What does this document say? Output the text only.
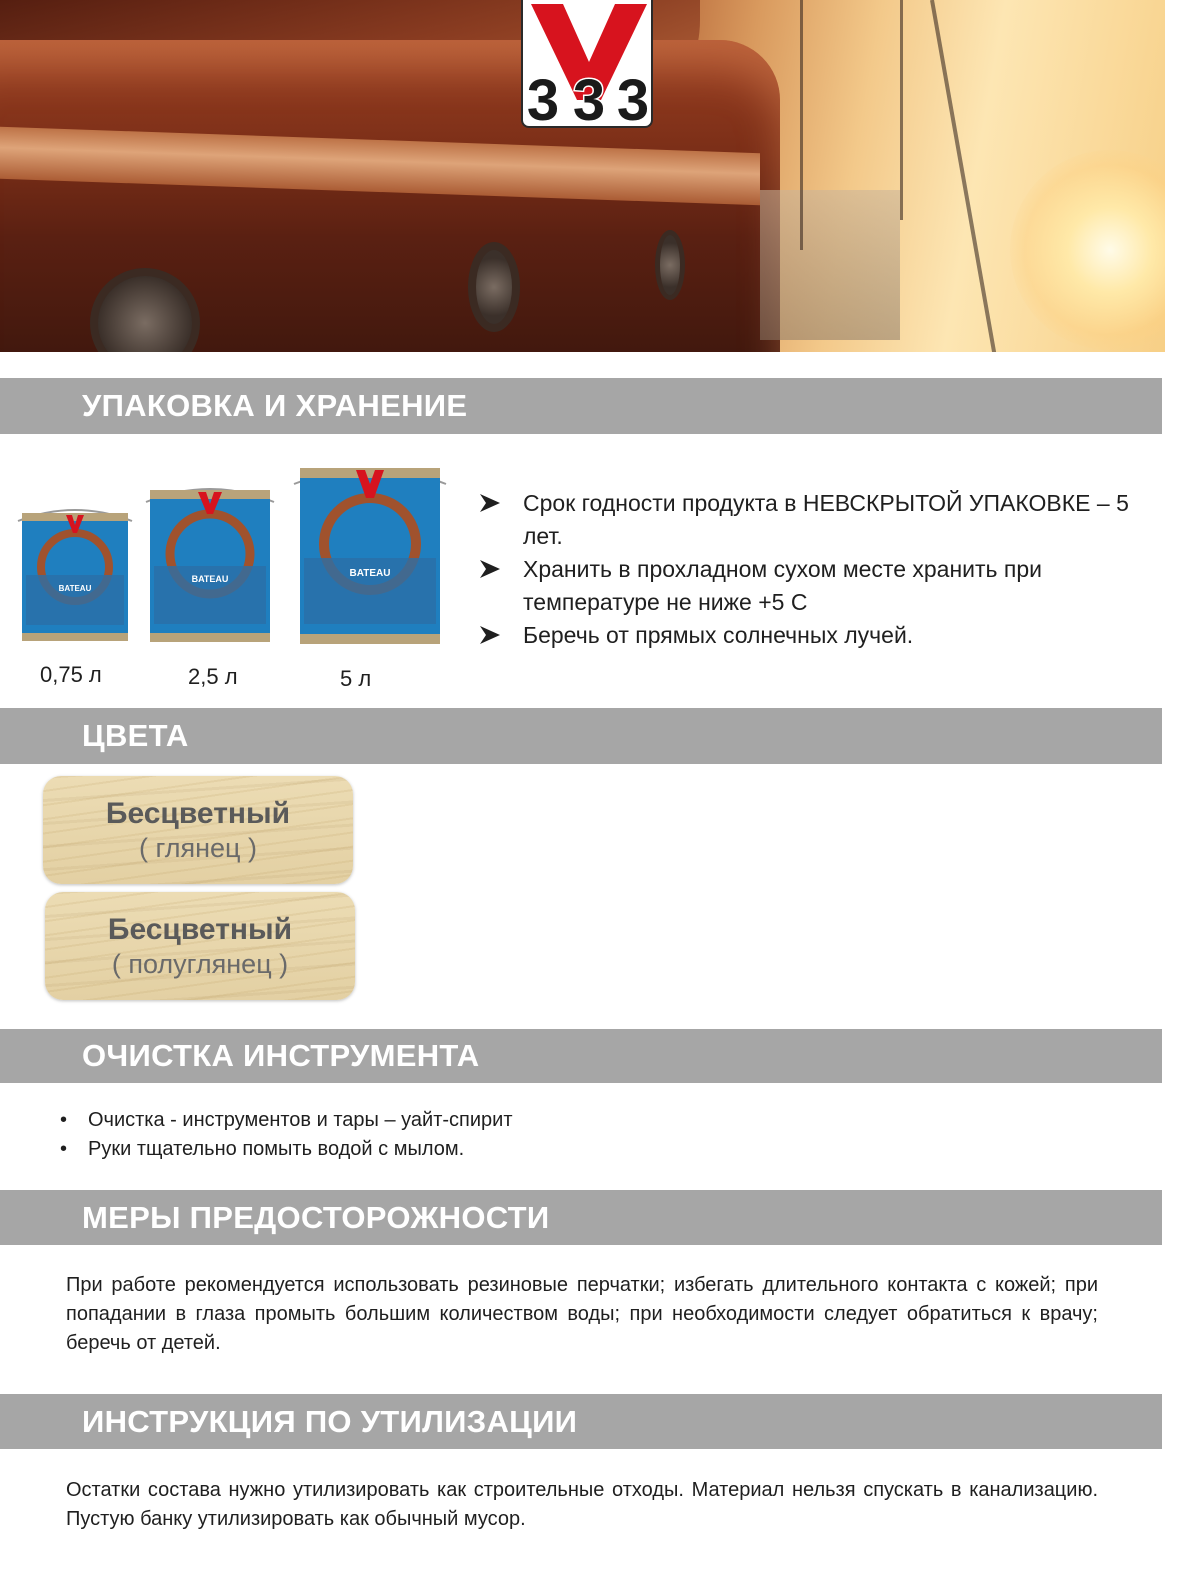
3
3 3
УПАКОВКА И ХРАНЕНИЕ
BATEAU
BATEAU	BATEAU
0,75 л	2,5 л	5 л
Срок годности продукта в НЕВСКРЫТОЙ УПАКОВКЕ – 5 лет.
Хранить в прохладном сухом месте хранить при температуре не ниже +5 С
Беречь от прямых солнечных лучей.
ЦВЕТА
Бесцветный
( глянец )
Бесцветный
( полуглянец )
ОЧИСТКА ИНСТРУМЕНТА
• Очистка - инструментов и тары – уайт-спирит
• Руки тщательно помыть водой с мылом.
МЕРЫ ПРЕДОСТОРОЖНОСТИ

При работе рекомендуется использовать резиновые перчатки; избегать длительного контакта с кожей; при попадании в глаза промыть большим количеством воды; при необходимости следует обратиться к врачу; беречь от детей.

ИНСТРУКЦИЯ ПО УТИЛИЗАЦИИ

Остатки состава нужно утилизировать как строительные отходы. Материал нельзя спускать в канализацию. Пустую банку утилизировать как обычный мусор.
